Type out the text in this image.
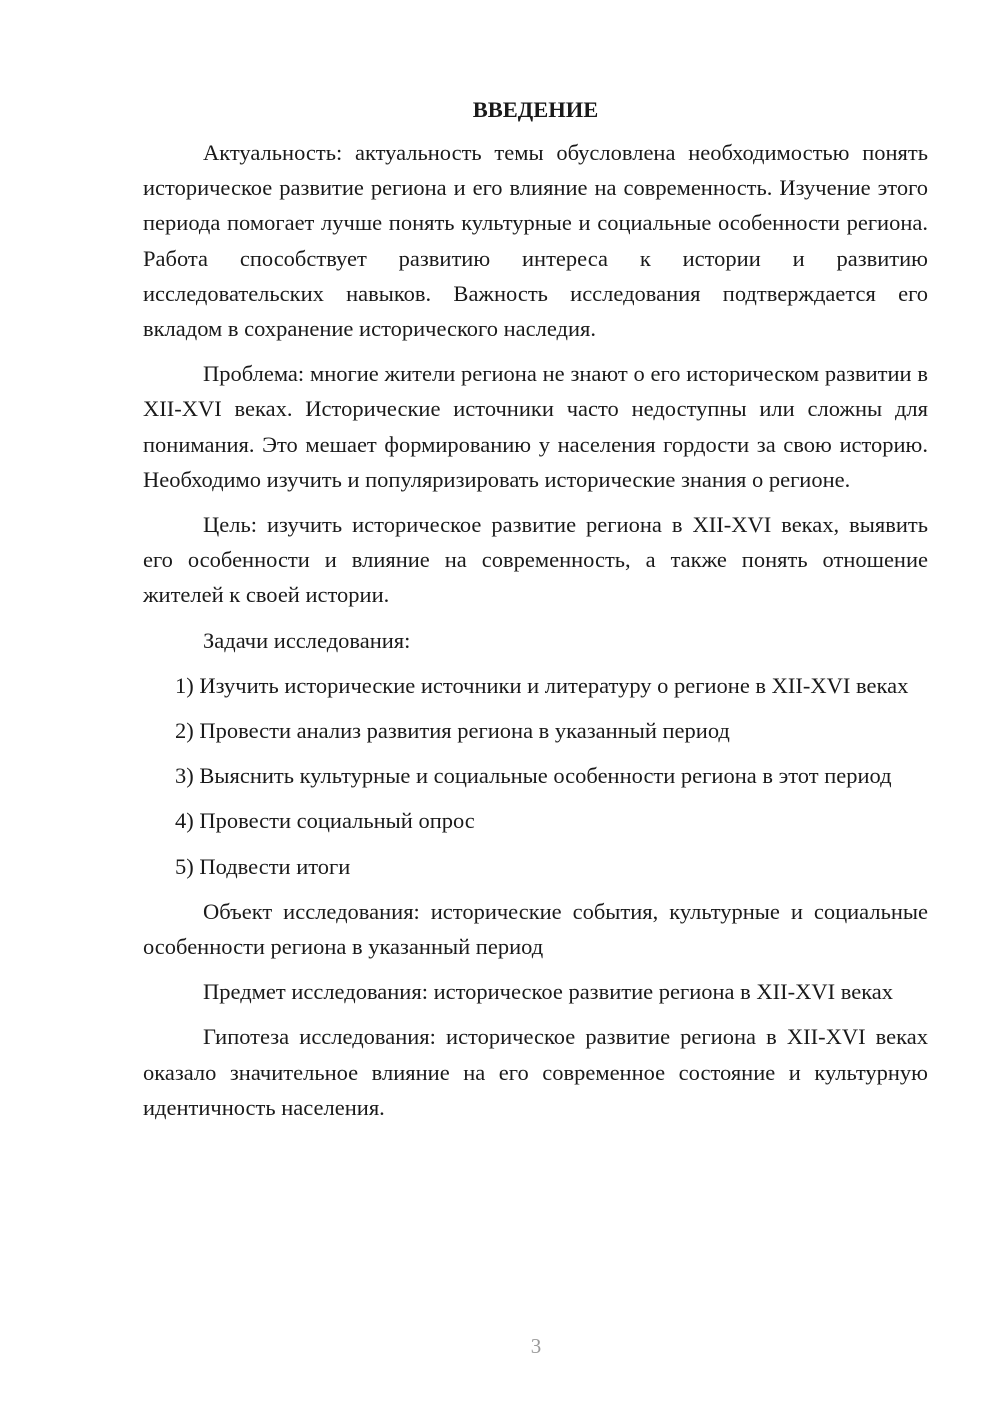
ВВЕДЕНИЕ

Актуальность: актуальность темы обусловлена необходимостью понять историческое развитие региона и его влияние на современность. Изучение этого периода помогает лучше понять культурные и социальные особенности региона. Работа способствует развитию интереса к истории и развитию исследовательских навыков. Важность исследования подтверждается его вкладом в сохранение исторического наследия.

Проблема: многие жители региона не знают о его историческом развитии в XII-XVI веках. Исторические источники часто недоступны или сложны для понимания. Это мешает формированию у населения гордости за свою историю. Необходимо изучить и популяризировать исторические знания о регионе.

Цель: изучить историческое развитие региона в XII-XVI веках, выявить его особенности и влияние на современность, а также понять отношение жителей к своей истории.

Задачи исследования:

1) Изучить исторические источники и литературу о регионе в XII-XVI веках

2) Провести анализ развития региона в указанный период

3) Выяснить культурные и социальные особенности региона в этот период

4) Провести социальный опрос

5) Подвести итоги

Объект исследования: исторические события, культурные и социальные особенности региона в указанный период

Предмет исследования: историческое развитие региона в XII-XVI веках

Гипотеза исследования: историческое развитие региона в XII-XVI веках оказало значительное влияние на его современное состояние и культурную идентичность населения.

3
